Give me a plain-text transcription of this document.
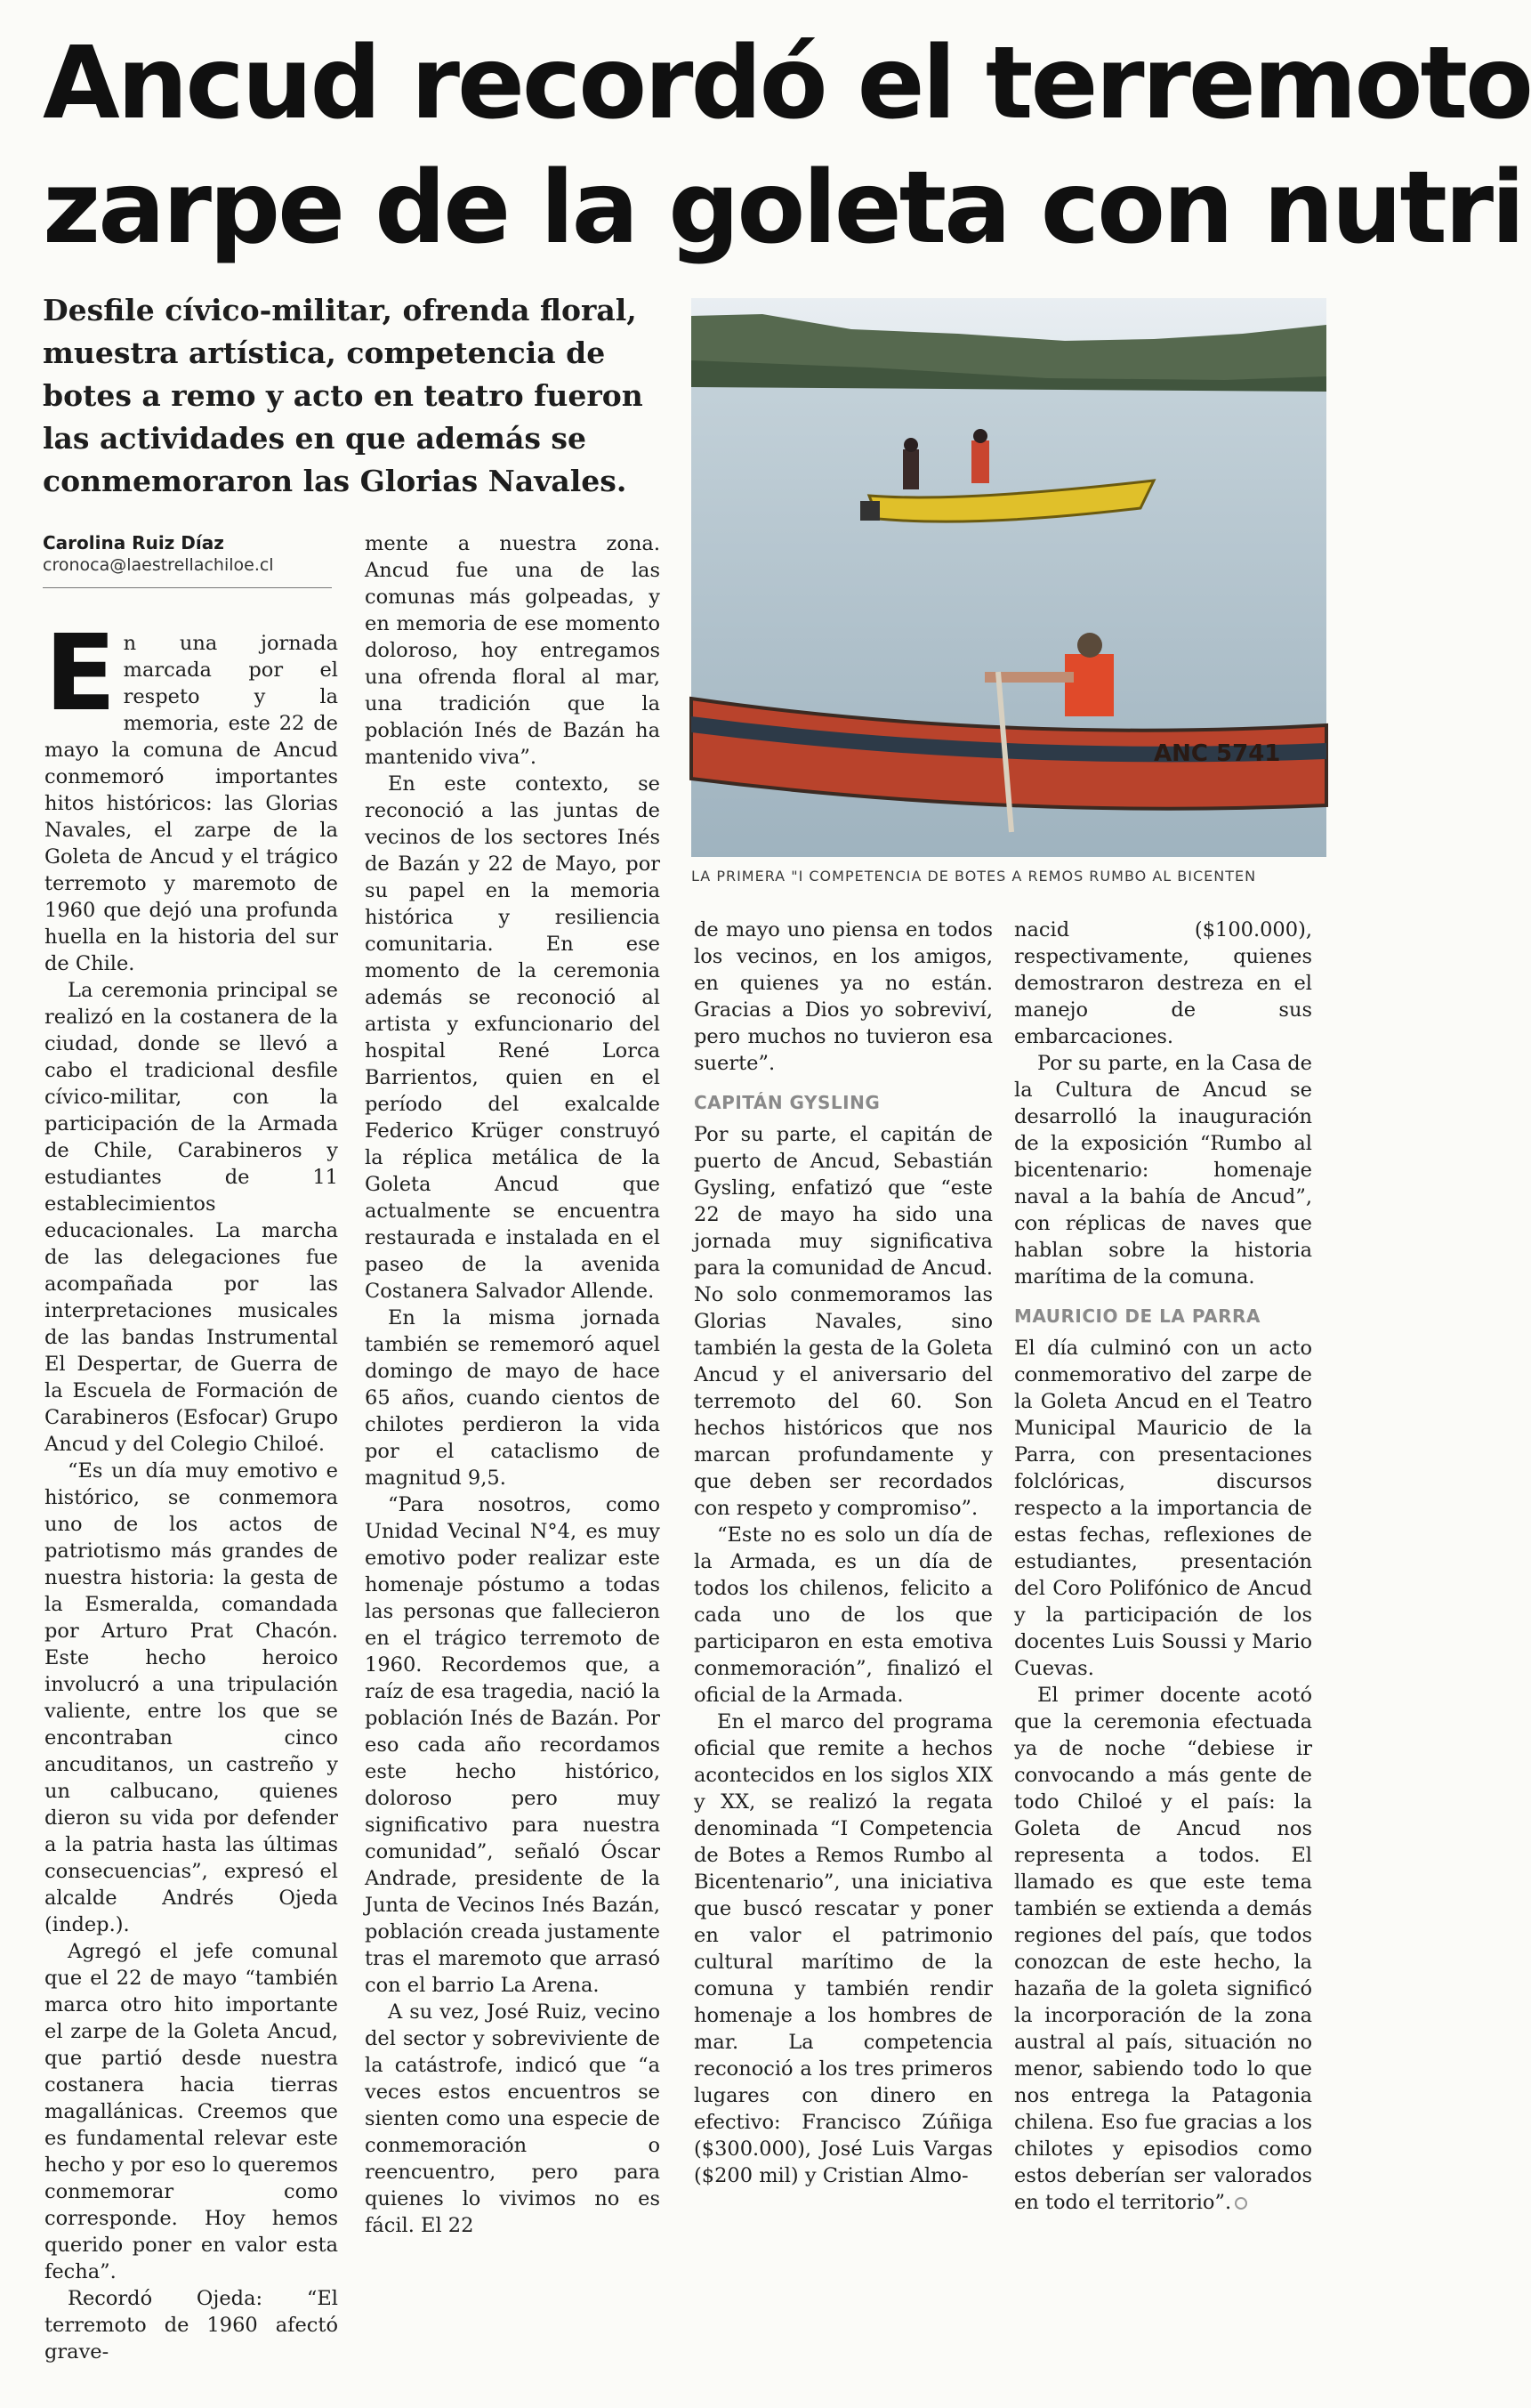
Ancud recordó el terremoto
zarpe de la goleta con nutri
Desfile cívico-militar, ofrenda floral, muestra artística, competencia de botes a remo y acto en teatro fueron las actividades en que además se conmemoraron las Glorias Navales.
Carolina Ruiz Díaz
cronoca@laestrellachiloe.cl
ANC 5741
LA PRIMERA "I COMPETENCIA DE BOTES A REMOS RUMBO AL BICENTEN

En una jornada marcada por el respeto y la memoria, este 22 de mayo la comuna de Ancud conmemoró importantes hitos históricos: las Glorias Navales, el zarpe de la Goleta de Ancud y el trágico terremoto y maremoto de 1960 que dejó una profunda huella en la historia del sur de Chile.

La ceremonia principal se realizó en la costanera de la ciudad, donde se llevó a cabo el tradicional desfile cívico-militar, con la participación de la Armada de Chile, Carabineros y estudiantes de 11 establecimientos educacionales. La marcha de las delegaciones fue acompañada por las interpretaciones musicales de las bandas Instrumental El Despertar, de Guerra de la Escuela de Formación de Carabineros (Esfocar) Grupo Ancud y del Colegio Chiloé.

“Es un día muy emotivo e histórico, se conmemora uno de los actos de patriotismo más grandes de nuestra historia: la gesta de la Esmeralda, comandada por Arturo Prat Chacón. Este hecho heroico involucró a una tripulación valiente, entre los que se encontraban cinco ancuditanos, un castreño y un calbucano, quienes dieron su vida por defender a la patria hasta las últimas consecuencias”, expresó el alcalde Andrés Ojeda (indep.).

Agregó el jefe comunal que el 22 de mayo “también marca otro hito importante el zarpe de la Goleta Ancud, que partió desde nuestra costanera hacia tierras magallánicas. Creemos que es fundamental relevar este hecho y por eso lo queremos conmemorar como corresponde. Hoy hemos querido poner en valor esta fecha”.

Recordó Ojeda: “El terremoto de 1960 afectó grave-

mente a nuestra zona. Ancud fue una de las comunas más golpeadas, y en memoria de ese momento doloroso, hoy entregamos una ofrenda floral al mar, una tradición que la población Inés de Bazán ha mantenido viva”.

En este contexto, se reconoció a las juntas de vecinos de los sectores Inés de Bazán y 22 de Mayo, por su papel en la memoria histórica y resiliencia comunitaria. En ese momento de la ceremonia además se reconoció al artista y exfuncionario del hospital René Lorca Barrientos, quien en el período del exalcalde Federico Krüger construyó la réplica metálica de la Goleta Ancud que actualmente se encuentra restaurada e instalada en el paseo de la avenida Costanera Salvador Allende.

En la misma jornada también se rememoró aquel domingo de mayo de hace 65 años, cuando cientos de chilotes perdieron la vida por el cataclismo de magnitud 9,5.

“Para nosotros, como Unidad Vecinal N°4, es muy emotivo poder realizar este homenaje póstumo a todas las personas que fallecieron en el trágico terremoto de 1960. Recordemos que, a raíz de esa tragedia, nació la población Inés de Bazán. Por eso cada año recordamos este hecho histórico, doloroso pero muy significativo para nuestra comunidad”, señaló Óscar Andrade, presidente de la Junta de Vecinos Inés Bazán, población creada justamente tras el maremoto que arrasó con el barrio La Arena.

A su vez, José Ruiz, vecino del sector y sobreviviente de la catástrofe, indicó que “a veces estos encuentros se sienten como una especie de conmemoración o reencuentro, pero para quienes lo vivimos no es fácil. El 22

de mayo uno piensa en todos los vecinos, en los amigos, en quienes ya no están. Gracias a Dios yo sobreviví, pero muchos no tuvieron esa suerte”.

CAPITÁN GYSLING

Por su parte, el capitán de puerto de Ancud, Sebastián Gysling, enfatizó que “este 22 de mayo ha sido una jornada muy significativa para la comunidad de Ancud. No solo conmemoramos las Glorias Navales, sino también la gesta de la Goleta Ancud y el aniversario del terremoto del 60. Son hechos históricos que nos marcan profundamente y que deben ser recordados con respeto y compromiso”.

“Este no es solo un día de la Armada, es un día de todos los chilenos, felicito a cada uno de los que participaron en esta emotiva conmemoración”, finalizó el oficial de la Armada.

En el marco del programa oficial que remite a hechos acontecidos en los siglos XIX y XX, se realizó la regata denominada “I Competencia de Botes a Remos Rumbo al Bicentenario”, una iniciativa que buscó rescatar y poner en valor el patrimonio cultural marítimo de la comuna y también rendir homenaje a los hombres de mar. La competencia reconoció a los tres primeros lugares con dinero en efectivo: Francisco Zúñiga ($300.000), José Luis Vargas ($200 mil) y Cristian Almo-

nacid ($100.000), respectivamente, quienes demostraron destreza en el manejo de sus embarcaciones.

Por su parte, en la Casa de la Cultura de Ancud se desarrolló la inauguración de la exposición “Rumbo al bicentenario: homenaje naval a la bahía de Ancud”, con réplicas de naves que hablan sobre la historia marítima de la comuna.

MAURICIO DE LA PARRA

El día culminó con un acto conmemorativo del zarpe de la Goleta Ancud en el Teatro Municipal Mauricio de la Parra, con presentaciones folclóricas, discursos respecto a la importancia de estas fechas, reflexiones de estudiantes, presentación del Coro Polifónico de Ancud y la participación de los docentes Luis Soussi y Mario Cuevas.

El primer docente acotó que la ceremonia efectuada ya de noche “debiese ir convocando a más gente de todo Chiloé y el país: la Goleta de Ancud nos representa a todos. El llamado es que este tema también se extienda a demás regiones del país, que todos conozcan de este hecho, la hazaña de la goleta significó la incorporación de la zona austral al país, situación no menor, sabiendo todo lo que nos entrega la Patagonia chilena. Eso fue gracias a los chilotes y episodios como estos deberían ser valorados en todo el territorio”.
